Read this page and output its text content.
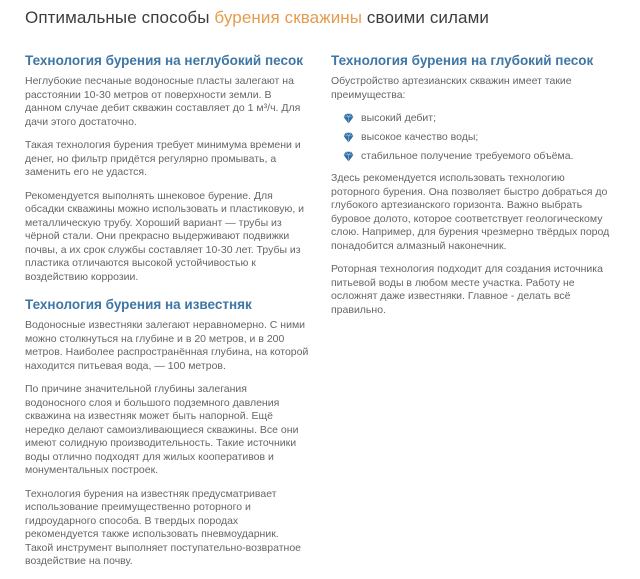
Оптимальные способы бурения скважины своими силами
Технология бурения на неглубокий песок

Неглубокие песчаные водоносные пласты залегают на расстоянии 10-30 метров от поверхности земли. В данном случае дебит скважин составляет до 1 м³/ч. Для дачи этого достаточно.

Такая технология бурения требует минимума времени и денег, но фильтр придётся регулярно промывать, а заменить его не удастся.

Рекомендуется выполнять шнековое бурение. Для обсадки скважины можно использовать и пластиковую, и металлическую трубу. Хороший вариант — трубы из чёрной стали. Они прекрасно выдерживают подвижки почвы, а их срок службы составляет 10-30 лет. Трубы из пластика отличаются высокой устойчивостью к воздействию коррозии.

Технология бурения на известняк

Водоносные известняки залегают неравномерно. С ними можно столкнуться на глубине и в 20 метров, и в 200 метров. Наиболее распространённая глубина, на которой находится питьевая вода, — 100 метров.

По причине значительной глубины залегания водоносного слоя и большого подземного давления скважина на известняк может быть напорной. Ещё нередко делают самоизливающиеся скважины. Все они имеют солидную производительность. Такие источники воды отлично подходят для жилых кооперативов и монументальных построек.

Технология бурения на известняк предусматривает использование преимущественно роторного и гидроударного способа. В твердых породах рекомендуется также использовать пневмоударник. Такой инструмент выполняет поступательно-возвратное воздействие на почву.

Технология бурения на глубокий песок

Обустройство артезианских скважин имеет такие преимущества:

высокий дебит;
высокое качество воды;
стабильное получение требуемого объёма.

Здесь рекомендуется использовать технологию роторного бурения. Она позволяет быстро добраться до глубокого артезианского горизонта. Важно выбрать буровое долото, которое соответствует геологическому слою. Например, для бурения чрезмерно твёрдых пород понадобится алмазный наконечник.

Роторная технология подходит для создания источника питьевой воды в любом месте участка. Работу не осложнят даже известняки. Главное - делать всё правильно.
